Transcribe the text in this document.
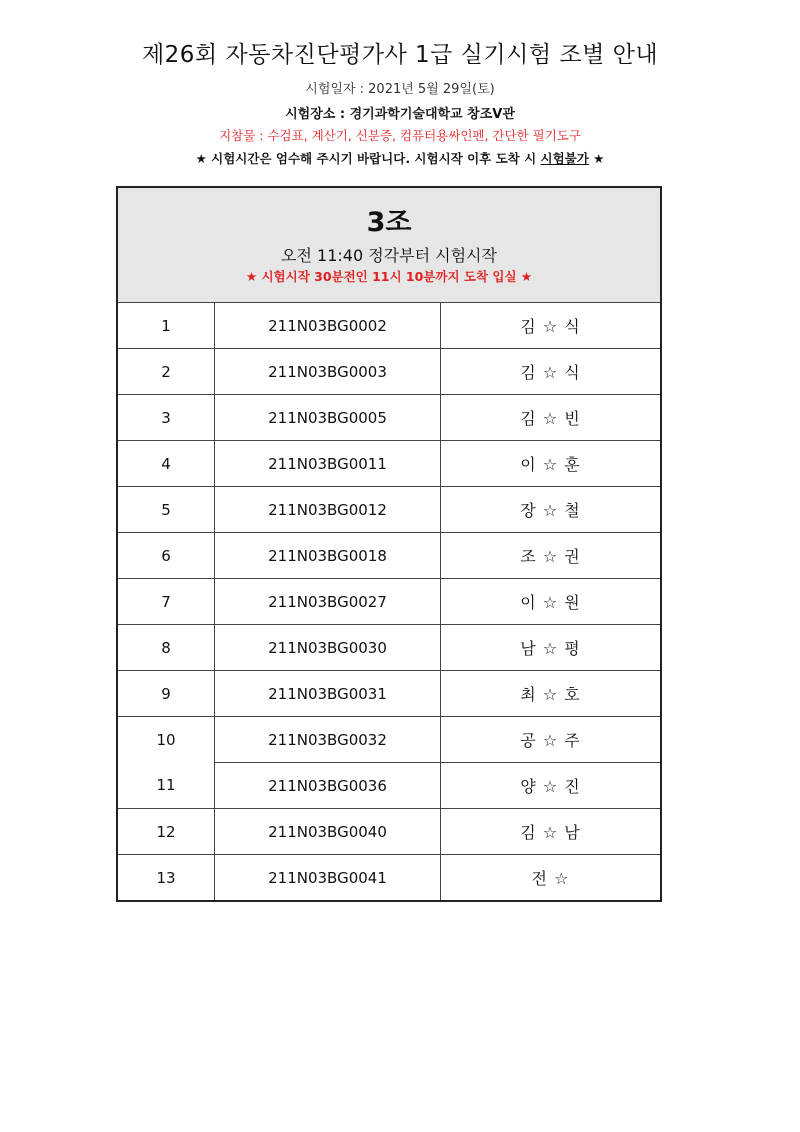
제26회 자동차진단평가사 1급 실기시험 조별 안내
시험일자 : 2021년 5월 29일(토)
시험장소 : 경기과학기술대학교 창조V관
지참물 : 수검표, 계산기, 신분증, 컴퓨터용싸인펜, 간단한 필기도구
★ 시험시간은 엄수해 주시기 바랍니다. 시험시작 이후 도착 시 시험불가 ★
3조
오전 11:40 정각부터 시험시작
★ 시험시작 30분전인 11시 10분까지 도착 입실 ★
1	211N03BG0002	김 ☆ 식
2	211N03BG0003	김 ☆ 식
3	211N03BG0005	김 ☆ 빈
4	211N03BG0011	이 ☆ 훈
5	211N03BG0012	장 ☆ 철
6	211N03BG0018	조 ☆ 권
7	211N03BG0027	이 ☆ 원
8	211N03BG0030	남 ☆ 평
9	211N03BG0031	최 ☆ 호
10	211N03BG0032	공 ☆ 주
11	211N03BG0036	양 ☆ 진
12	211N03BG0040	김 ☆ 남
13	211N03BG0041	전 ☆
